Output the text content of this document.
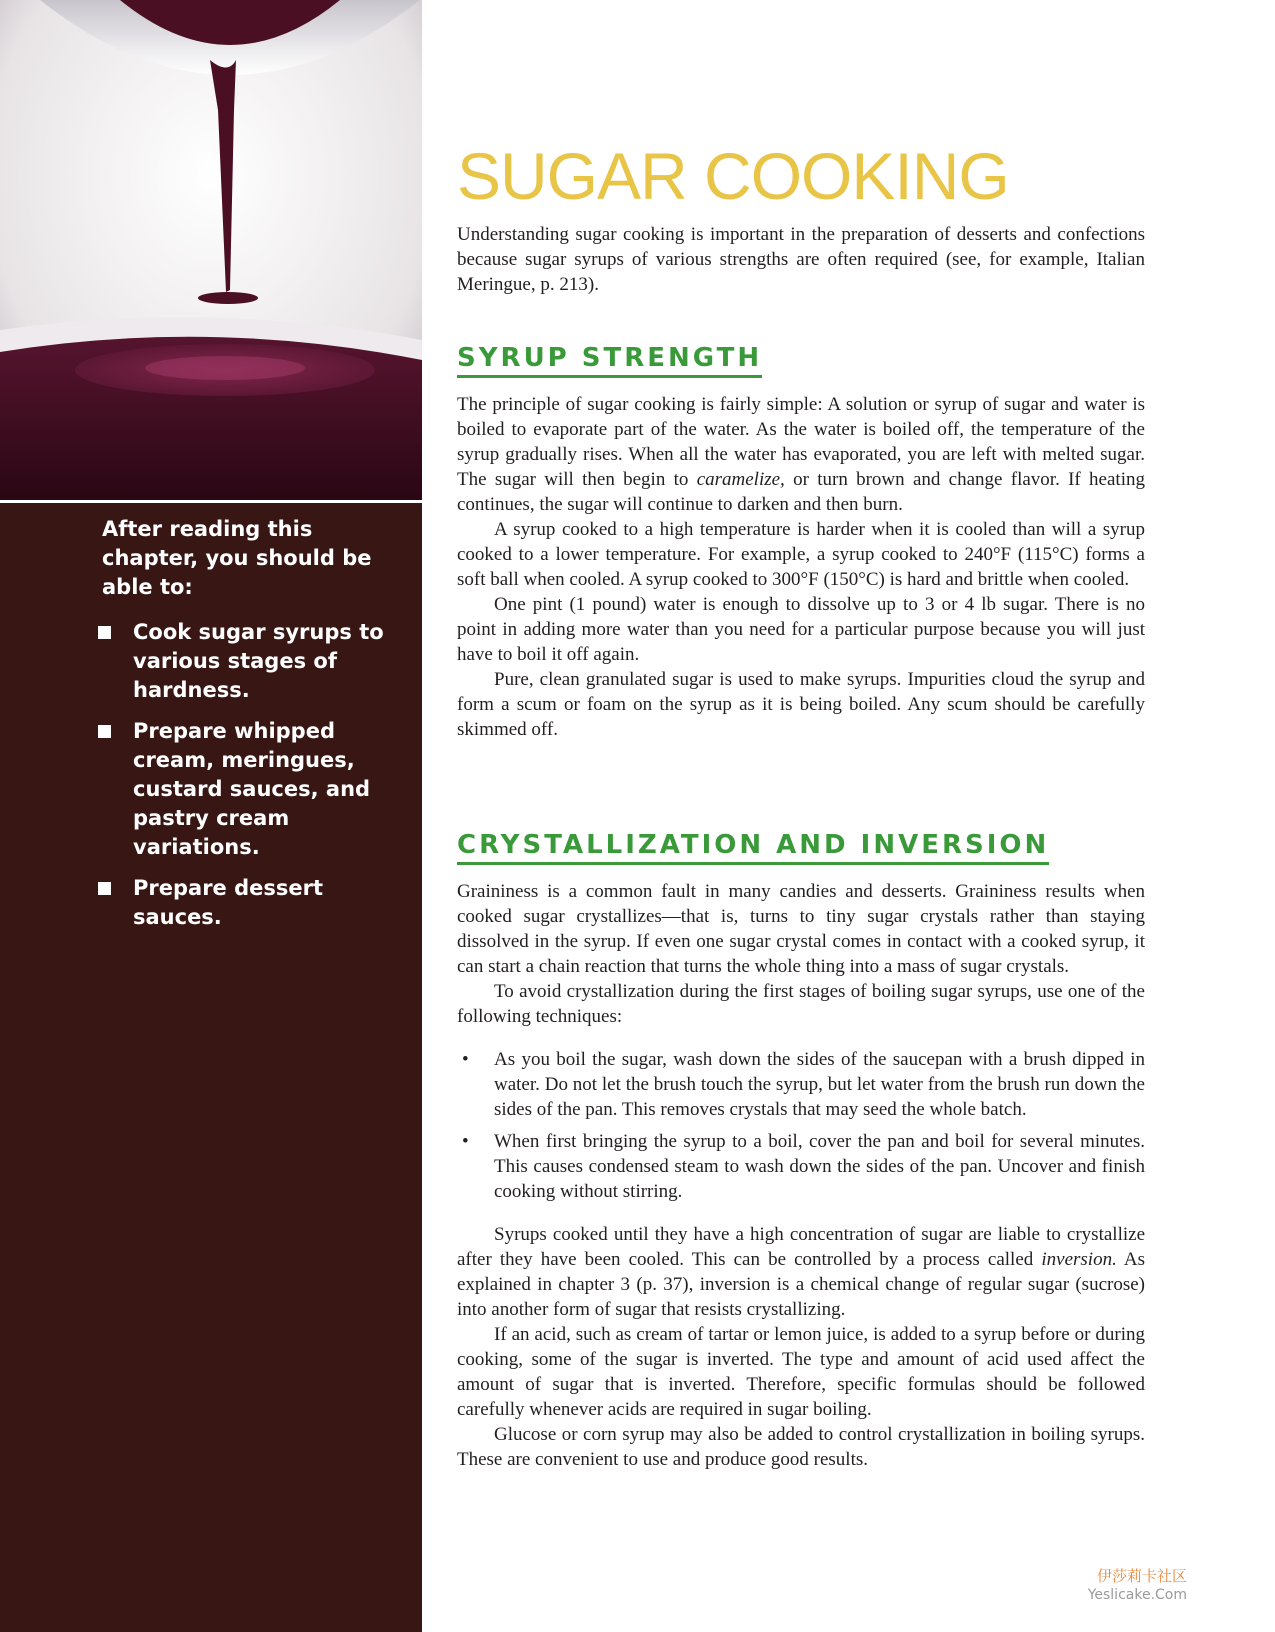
After reading this chapter, you should be able to:

Cook sugar syrups to various stages of hardness.
Prepare whipped cream, meringues, custard sauces, and pastry cream variations.
Prepare dessert sauces.
SUGAR COOKING

Understanding sugar cooking is important in the preparation of desserts and confections because sugar syrups of various strengths are often required (see, for example, Italian Meringue, p. 213).

SYRUP STRENGTH

The principle of sugar cooking is fairly simple: A solution or syrup of sugar and water is boiled to evaporate part of the water. As the water is boiled off, the temperature of the syrup gradually rises. When all the water has evaporated, you are left with melted sugar. The sugar will then begin to caramelize, or turn brown and change flavor. If heating continues, the sugar will continue to darken and then burn.

A syrup cooked to a high temperature is harder when it is cooled than will a syrup cooked to a lower temperature. For example, a syrup cooked to 240°F (115°C) forms a soft ball when cooled. A syrup cooked to 300°F (150°C) is hard and brittle when cooled.

One pint (1 pound) water is enough to dissolve up to 3 or 4 lb sugar. There is no point in adding more water than you need for a particular purpose because you will just have to boil it off again.

Pure, clean granulated sugar is used to make syrups. Impurities cloud the syrup and form a scum or foam on the syrup as it is being boiled. Any scum should be carefully skimmed off.

CRYSTALLIZATION AND INVERSION

Graininess is a common fault in many candies and desserts. Graininess results when cooked sugar crystallizes—that is, turns to tiny sugar crystals rather than staying dissolved in the syrup. If even one sugar crystal comes in contact with a cooked syrup, it can start a chain reaction that turns the whole thing into a mass of sugar crystals.

To avoid crystallization during the first stages of boiling sugar syrups, use one of the following techniques:

• As you boil the sugar, wash down the sides of the saucepan with a brush dipped in water. Do not let the brush touch the syrup, but let water from the brush run down the sides of the pan. This removes crystals that may seed the whole batch.
• When first bringing the syrup to a boil, cover the pan and boil for several minutes. This causes condensed steam to wash down the sides of the pan. Uncover and finish cooking without stirring.

Syrups cooked until they have a high concentration of sugar are liable to crystallize after they have been cooled. This can be controlled by a process called inversion. As explained in chapter 3 (p. 37), inversion is a chemical change of regular sugar (sucrose) into another form of sugar that resists crystallizing.

If an acid, such as cream of tartar or lemon juice, is added to a syrup before or during cooking, some of the sugar is inverted. The type and amount of acid used affect the amount of sugar that is inverted. Therefore, specific formulas should be followed carefully whenever acids are required in sugar boiling.

Glucose or corn syrup may also be added to control crystallization in boiling syrups. These are convenient to use and produce good results.

伊莎莉卡社区
Yeslicake.Com
